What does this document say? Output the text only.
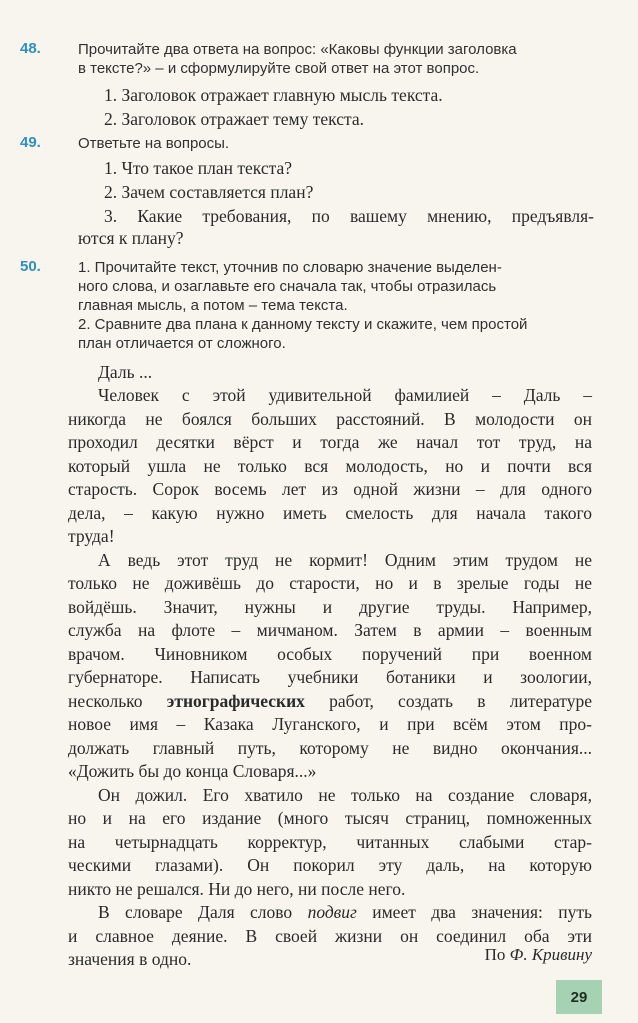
48. Прочитайте два ответа на вопрос: «Каковы функции заголовка
в тексте?» – и сформулируйте свой ответ на этот вопрос.
1. Заголовок отражает главную мысль текста.
2. Заголовок отражает тему текста.
49. Ответьте на вопросы.
1. Что такое план текста?
2. Зачем составляется план?
3. Какие требования, по вашему мнению, предъявля-
ются к плану?
50. 1. Прочитайте текст, уточнив по словарю значение выделен-
ного слова, и озаглавьте его сначала так, чтобы отразилась
главная мысль, а потом – тема текста.
2. Сравните два плана к данному тексту и скажите, чем простой
план отличается от сложного.
Даль ...
Человек с этой удивительной фамилией – Даль –
никогда не боялся больших расстояний. В молодости он
проходил десятки вёрст и тогда же начал тот труд, на
который ушла не только вся молодость, но и почти вся
старость. Сорок восемь лет из одной жизни – для одного
дела, – какую нужно иметь смелость для начала такого
труда!
А ведь этот труд не кормит! Одним этим трудом не
только не доживёшь до старости, но и в зрелые годы не
войдёшь. Значит, нужны и другие труды. Например,
служба на флоте – мичманом. Затем в армии – военным
врачом. Чиновником особых поручений при военном
губернаторе. Написать учебники ботаники и зоологии,
несколько этнографических работ, создать в литературе
новое имя – Казака Луганского, и при всём этом про-
должать главный путь, которому не видно окончания...
«Дожить бы до конца Словаря...»
Он дожил. Его хватило не только на создание словаря,
но и на его издание (много тысяч страниц, помноженных
на четырнадцать корректур, читанных слабыми стар-
ческими глазами). Он покорил эту даль, на которую
никто не решался. Ни до него, ни после него.
В словаре Даля слово подвиг имеет два значения: путь
и славное деяние. В своей жизни он соединил оба эти
значения в одно.	По Ф. Кривину
29
